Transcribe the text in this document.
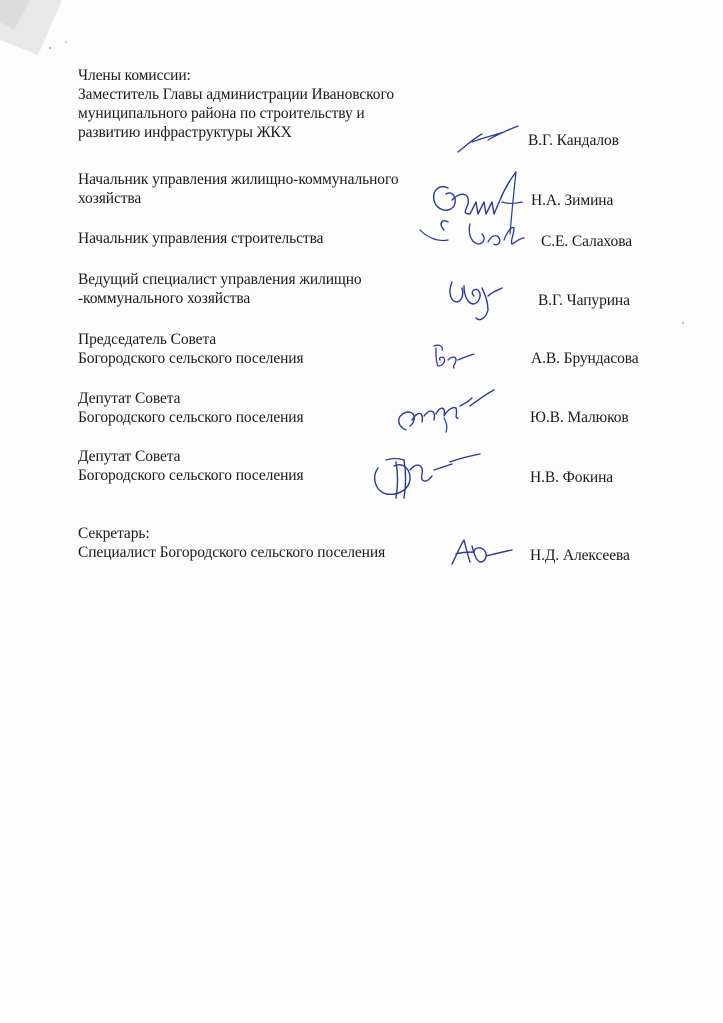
Члены комиссии:
Заместитель Главы администрации Ивановского
муниципального района по строительству и
развитию инфраструктуры ЖКХ	В.Г. Кандалов
Начальник управления жилищно-коммунального
хозяйства	Н.А. Зимина
Начальник управления строительства	С.Е. Салахова
Ведущий специалист управления жилищно
-коммунального хозяйства	В.Г. Чапурина
Председатель Совета
Богородского сельского поселения	А.В. Брундасова
Депутат Совета
Богородского сельского поселения	Ю.В. Малюков
Депутат Совета
Богородского сельского поселения	Н.В. Фокина
Секретарь:
Специалист Богородского сельского поселения	Н.Д. Алексеева
